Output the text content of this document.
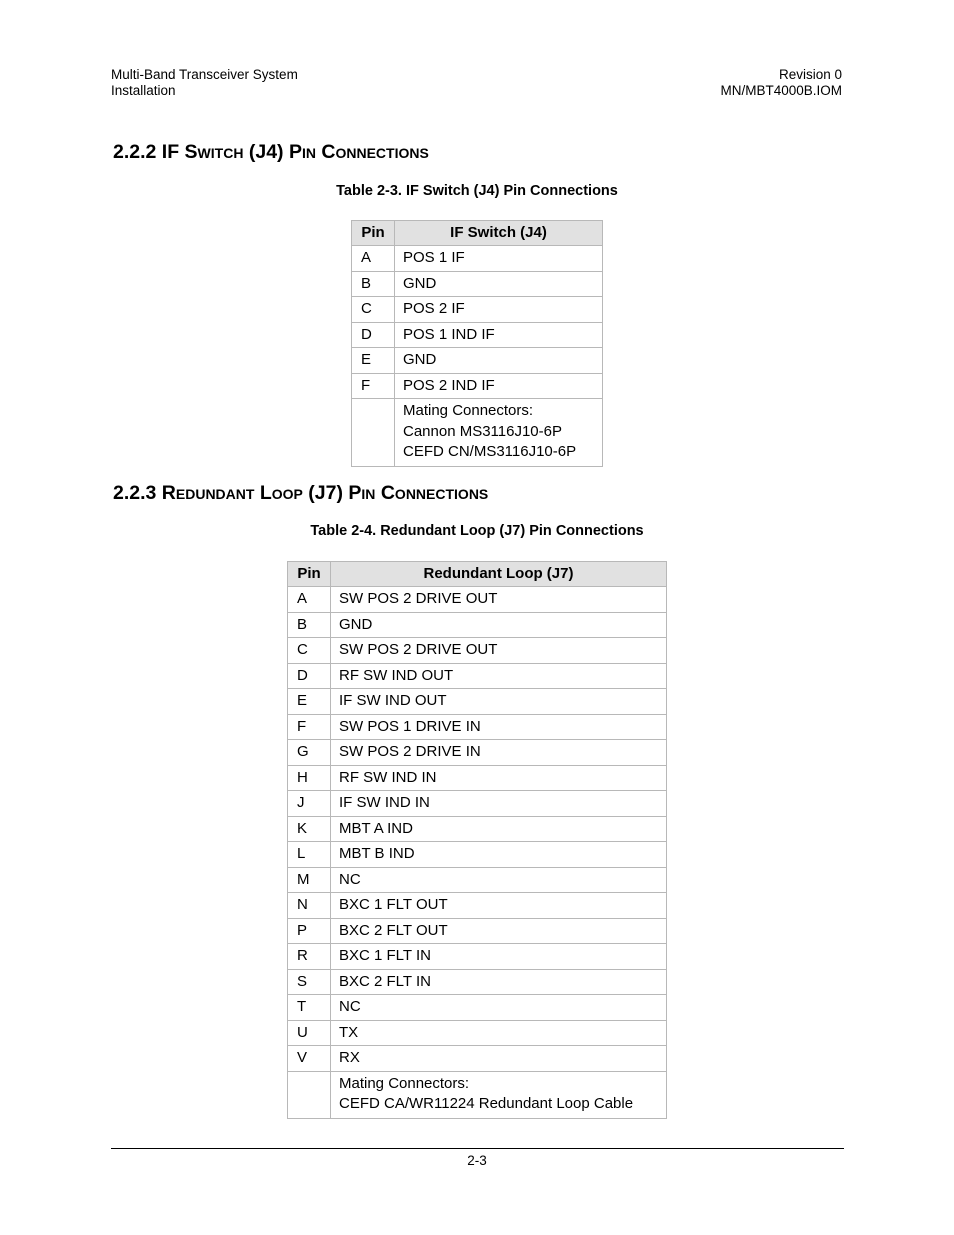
Multi-Band Transceiver System
Installation
Revision 0
MN/MBT4000B.IOM
2.2.2 IF Switch (J4) Pin Connections
Table 2-3. IF Switch (J4) Pin Connections
Pin	IF Switch (J4)
A	POS 1 IF
B	GND
C	POS 2 IF
D	POS 1 IND IF
E	GND
F	POS 2 IND IF

	Mating Connectors:
Cannon MS3116J10-6P
CEFD CN/MS3116J10-6P
2.2.3 Redundant Loop (J7) Pin Connections
Table 2-4. Redundant Loop (J7) Pin Connections
Pin	Redundant Loop (J7)
A	SW POS 2 DRIVE OUT
B	GND
C	SW POS 2 DRIVE OUT
D	RF SW IND OUT
E	IF SW IND OUT
F	SW POS 1 DRIVE IN
G	SW POS 2 DRIVE IN
H	RF SW IND IN
J	IF SW IND IN
K	MBT A IND
L	MBT B IND
M	NC
N	BXC 1 FLT OUT
P	BXC 2 FLT OUT
R	BXC 1 FLT IN
S	BXC 2 FLT IN
T	NC
U	TX
V	RX

	Mating Connectors:
CEFD CA/WR11224 Redundant Loop Cable
2-3
